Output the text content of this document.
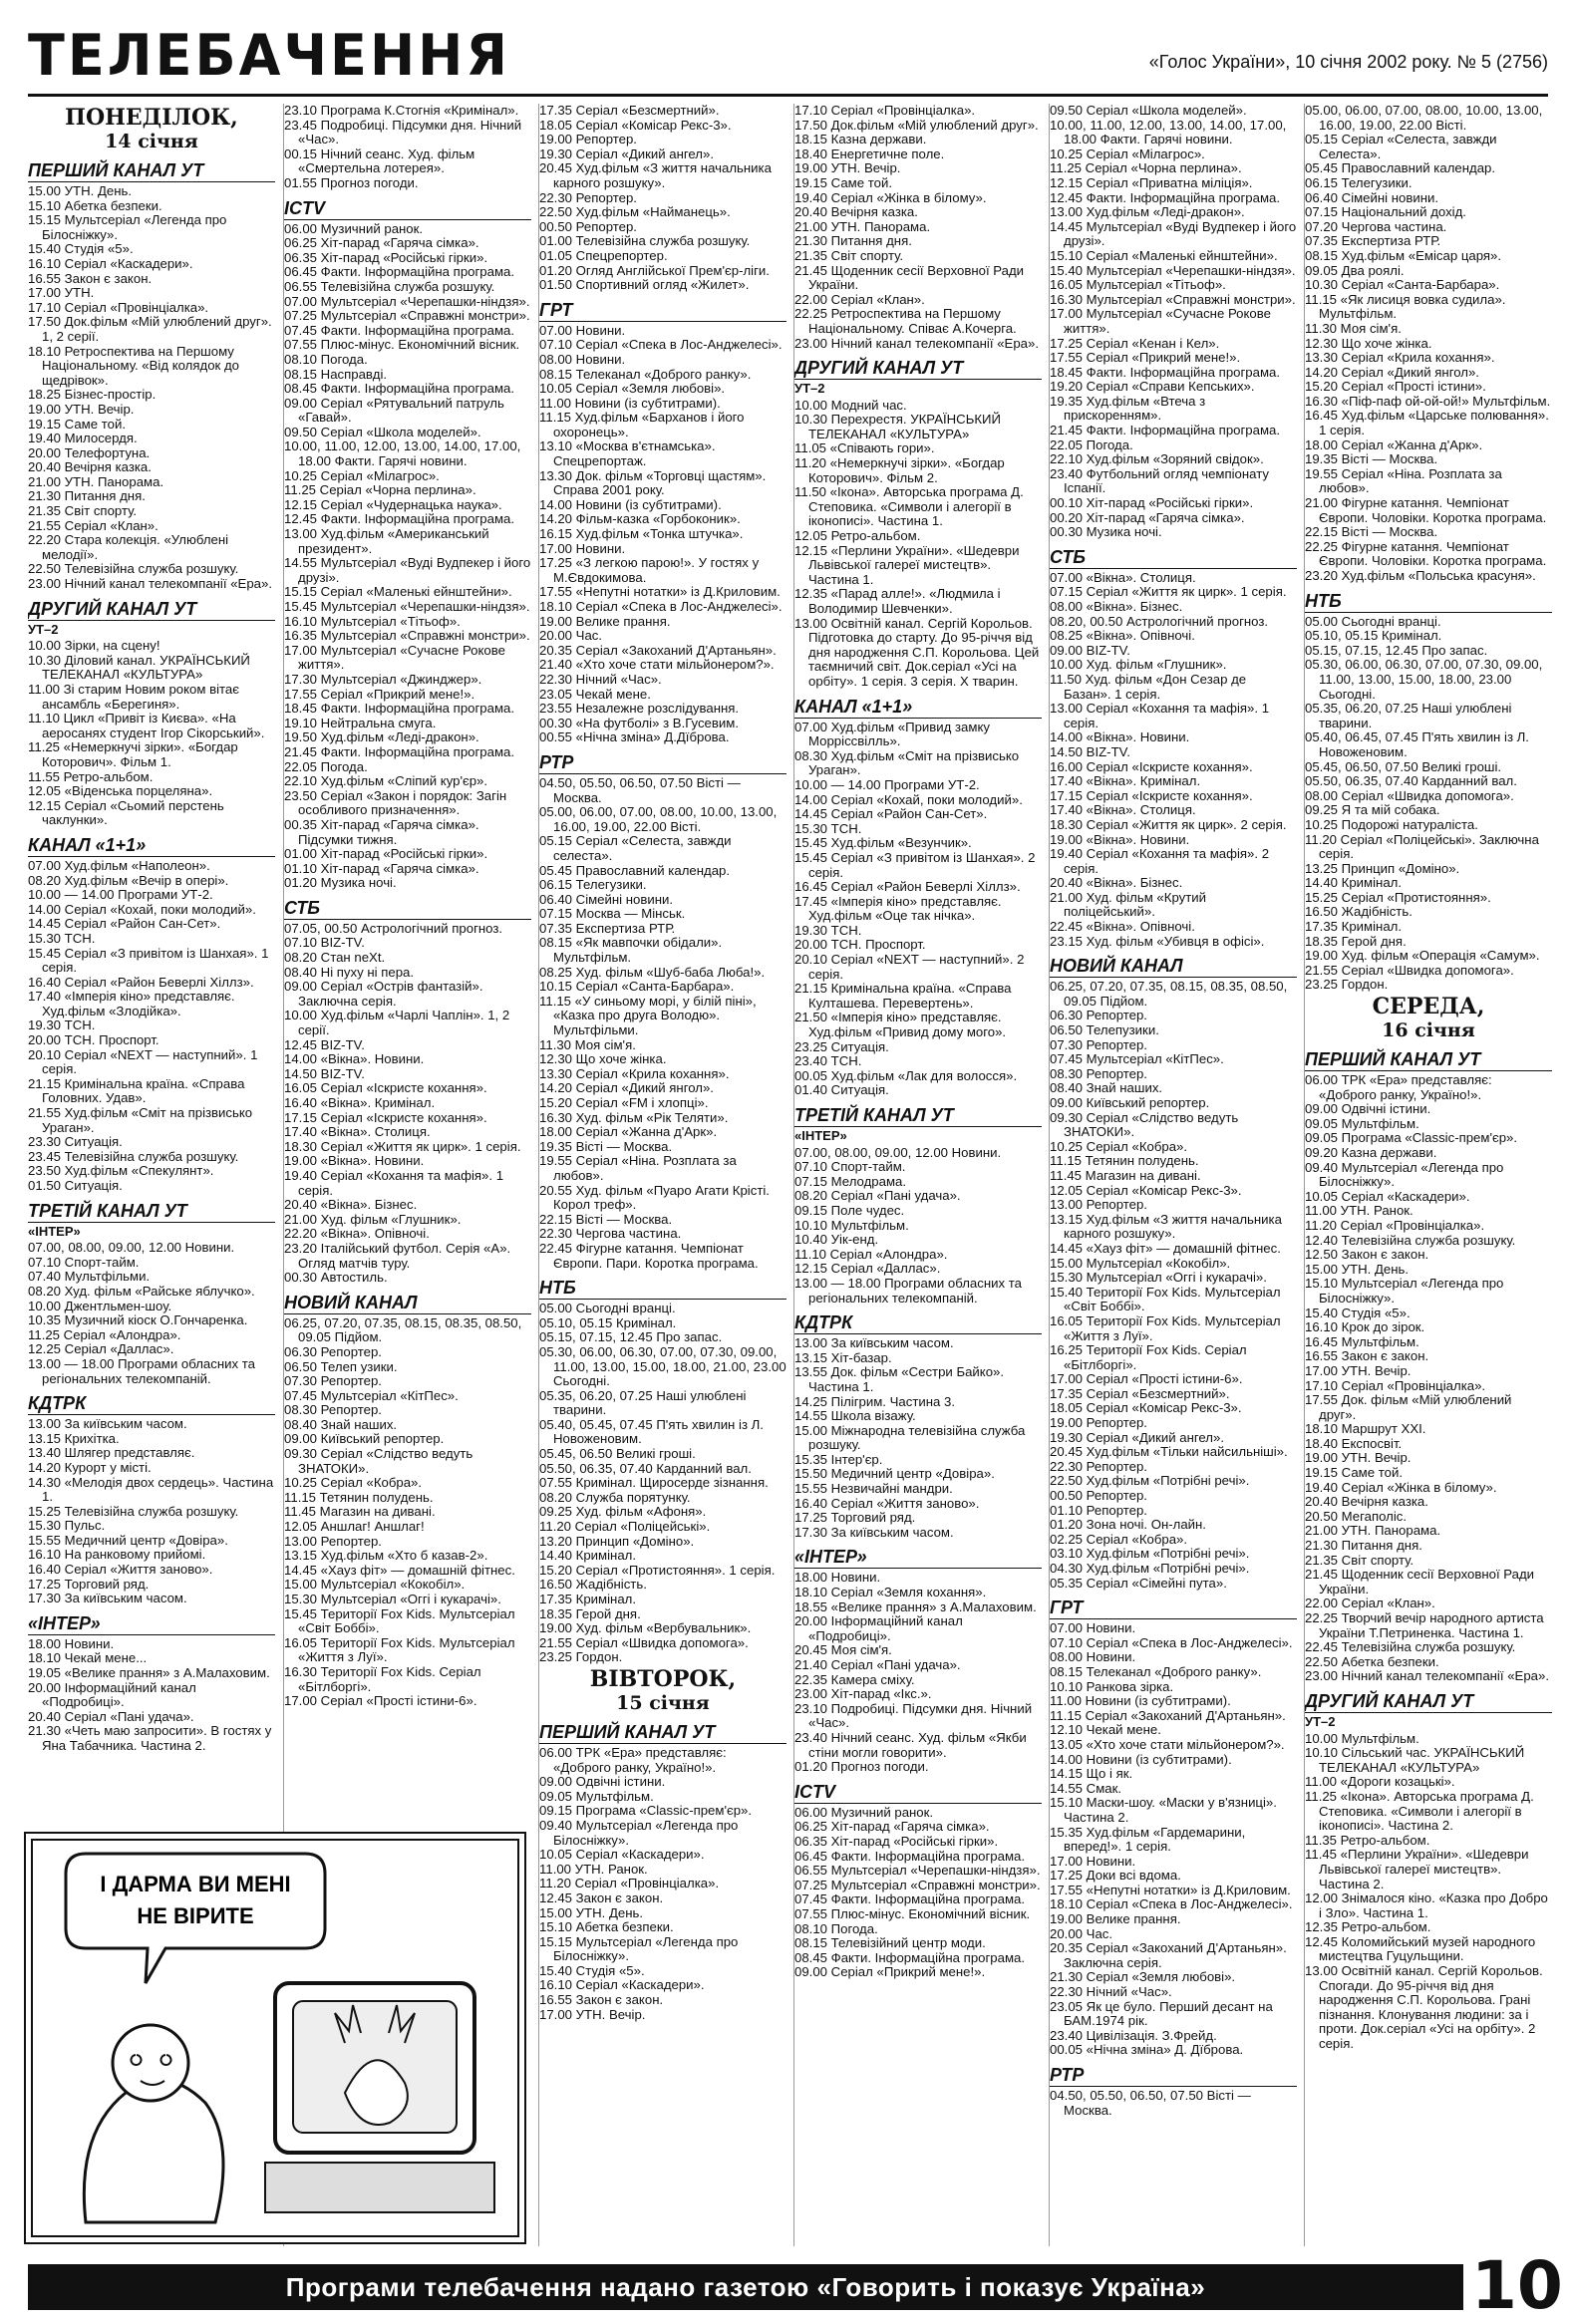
ТЕЛЕБАЧЕННЯ	«Голос України», 10 січня 2002 року. № 5 (2756)
ПОНЕДІЛОК,
14 січня
ПЕРШИЙ КАНАЛ УТ

15.00 УТН. День.

15.10 Абетка безпеки.

15.15 Мультсеріал «Легенда про Білосніжку».

15.40 Студія «5».

16.10 Серіал «Каскадери».

16.55 Закон є закон.

17.00 УТН.

17.10 Серіал «Провінціалка».

17.50 Док.фільм «Мій улюблений друг». 1, 2 серії.

18.10 Ретроспектива на Першому Національному. «Від колядок до щедрівок».

18.25 Бізнес-простір.

19.00 УТН. Вечір.

19.15 Саме той.

19.40 Милосердя.

20.00 Телефортуна.

20.40 Вечірня казка.

21.00 УТН. Панорама.

21.30 Питання дня.

21.35 Світ спорту.

21.55 Серіал «Клан».

22.20 Стара колекція. «Улюблені мелодії».

22.50 Телевізійна служба розшуку.

23.00 Нічний канал телекомпанії «Ера».

ДРУГИЙ КАНАЛ УТ
УТ–2

10.00 Зірки, на сцену!

10.30 Діловий канал. УКРАЇНСЬКИЙ ТЕЛЕКАНАЛ «КУЛЬТУРА»

11.00 Зі старим Новим роком вітає ансамбль «Берегиня».

11.10 Цикл «Привіт із Києва». «На аеросанях студент Ігор Сікорський».

11.25 «Немеркнучі зірки». «Богдар Которович». Фільм 1.

11.55 Ретро-альбом.

12.05 «Віденська порцеляна».

12.15 Серіал «Сьомий перстень чаклунки».

КАНАЛ «1+1»

07.00 Худ.фільм «Наполеон».

08.20 Худ.фільм «Вечір в опері».

10.00 — 14.00 Програми УТ-2.

14.00 Серіал «Кохай, поки молодий».

14.45 Серіал «Район Сан-Сет».

15.30 ТСН.

15.45 Серіал «З привітом із Шанхая». 1 серія.

16.40 Серіал «Район Беверлі Хіллз».

17.40 «Імперія кіно» представляє. Худ.фільм «Злодійка».

19.30 ТСН.

20.00 ТСН. Проспорт.

20.10 Серіал «NEXT — наступний». 1 серія.

21.15 Кримінальна країна. «Справа Головних. Удав».

21.55 Худ.фільм «Сміт на прізвисько Ураган».

23.30 Ситуація.

23.45 Телевізійна служба розшуку.

23.50 Худ.фільм «Спекулянт».

01.50 Ситуація.

ТРЕТІЙ КАНАЛ УТ
«ІНТЕР»

07.00, 08.00, 09.00, 12.00 Новини.

07.10 Спорт-тайм.

07.40 Мультфільми.

08.20 Худ. фільм «Райське яблучко».

10.00 Джентльмен-шоу.

10.35 Музичний кіоск О.Гончаренка.

11.25 Серіал «Алондра».

12.25 Серіал «Даллас».

13.00 — 18.00 Програми обласних та регіональних телекомпаній.

КДТРК

13.00 За київським часом.

13.15 Крихітка.

13.40 Шлягер представляє.

14.20 Курорт у місті.

14.30 «Мелодія двох сердець». Частина 1.

15.25 Телевізійна служба розшуку.

15.30 Пульс.

15.55 Медичний центр «Довіра».

16.10 На ранковому прийомі.

16.40 Серіал «Життя заново».

17.25 Торговий ряд.

17.30 За київським часом.

«ІНТЕР»

18.00 Новини.

18.10 Чекай мене...

19.05 «Велике прання» з А.Малаховим.

20.00 Інформаційний канал «Подробиці».

20.40 Серіал «Пані удача».

21.30 «Четь маю запросити». В гостях у Яна Табачника. Частина 2.

23.10 Програма К.Стогнія «Кримінал».

23.45 Подробиці. Підсумки дня. Нічний «Час».

00.15 Нічний сеанс. Худ. фільм «Смертельна лотерея».

01.55 Прогноз погоди.

ICTV

06.00 Музичний ранок.

06.25 Хіт-парад «Гаряча сімка».

06.35 Хіт-парад «Російські гірки».

06.45 Факти. Інформаційна програма.

06.55 Телевізійна служба розшуку.

07.00 Мультсеріал «Черепашки-ніндзя».

07.25 Мультсеріал «Справжні монстри».

07.45 Факти. Інформаційна програма.

07.55 Плюс-мінус. Економічний вісник.

08.10 Погода.

08.15 Насправді.

08.45 Факти. Інформаційна програма.

09.00 Серіал «Рятувальний патруль «Гавай».

09.50 Серіал «Школа моделей».

10.00, 11.00, 12.00, 13.00, 14.00, 17.00, 18.00 Факти. Гарячі новини.

10.25 Серіал «Мілагрос».

11.25 Серіал «Чорна перлина».

12.15 Серіал «Чудернацька наука».

12.45 Факти. Інформаційна програма.

13.00 Худ.фільм «Американський президент».

14.55 Мультсеріал «Вуді Вудпекер і його друзі».

15.15 Серіал «Маленькі ейнштейни».

15.45 Мультсеріал «Черепашки-ніндзя».

16.10 Мультсеріал «Тітьоф».

16.35 Мультсеріал «Справжні монстри».

17.00 Мультсеріал «Сучасне Рокове життя».

17.30 Мультсеріал «Джинджер».

17.55 Серіал «Прикрий мене!».

18.45 Факти. Інформаційна програма.

19.10 Нейтральна смуга.

19.50 Худ.фільм «Леді-дракон».

21.45 Факти. Інформаційна програма.

22.05 Погода.

22.10 Худ.фільм «Сліпий кур'єр».

23.50 Серіал «Закон і порядок: Загін особливого призначення».

00.35 Хіт-парад «Гаряча сімка». Підсумки тижня.

01.00 Хіт-парад «Російські гірки».

01.10 Хіт-парад «Гаряча сімка».

01.20 Музика ночі.

СТБ

07.05, 00.50 Астрологічний прогноз.

07.10 BIZ-TV.

08.20 Стан neXt.

08.40 Ні пуху ні пера.

09.00 Серіал «Острів фантазій». Заключна серія.

10.00 Худ.фільм «Чарлі Чаплін». 1, 2 серії.

12.45 BIZ-TV.

14.00 «Вікна». Новини.

14.50 BIZ-TV.

16.05 Серіал «Іскристе кохання».

16.40 «Вікна». Кримінал.

17.15 Серіал «Іскристе кохання».

17.40 «Вікна». Столиця.

18.30 Серіал «Життя як цирк». 1 серія.

19.00 «Вікна». Новини.

19.40 Серіал «Кохання та мафія». 1 серія.

20.40 «Вікна». Бізнес.

21.00 Худ. фільм «Глушник».

22.20 «Вікна». Опівночі.

23.20 Італійський футбол. Серія «А». Огляд матчів туру.

00.30 Автостиль.

НОВИЙ КАНАЛ

06.25, 07.20, 07.35, 08.15, 08.35, 08.50, 09.05 Підйом.

06.30 Репортер.

06.50 Телеп узики.

07.30 Репортер.

07.45 Мультсеріал «КітПес».

08.30 Репортер.

08.40 Знай наших.

09.00 Київський репортер.

09.30 Серіал «Слідство ведуть ЗНАТОКИ».

10.25 Серіал «Кобра».

11.15 Тетянин полудень.

11.45 Магазин на дивані.

12.05 Аншлаг! Аншлаг!

13.00 Репортер.

13.15 Худ.фільм «Хто б казав-2».

14.45 «Хауз фіт» — домашній фітнес.

15.00 Мультсеріал «Кокобіл».

15.30 Мультсеріал «Оггі і кукарачі».

15.45 Території Fox Kids. Мультсеріал «Світ Боббі».

16.05 Території Fox Kids. Мультсеріал «Життя з Луї».

16.30 Території Fox Kids. Серіал «Бітлборгі».

17.00 Серіал «Прості істини-6».

17.35 Серіал «Безсмертний».

18.05 Серіал «Комісар Рекс-3».

19.00 Репортер.

19.30 Серіал «Дикий ангел».

20.45 Худ.фільм «З життя начальника карного розшуку».

22.30 Репортер.

22.50 Худ.фільм «Найманець».

00.50 Репортер.

01.00 Телевізійна служба розшуку.

01.05 Спецрепортер.

01.20 Огляд Англійської Прем'єр-ліги.

01.50 Спортивний огляд «Жилет».

ГРТ

07.00 Новини.

07.10 Серіал «Спека в Лос-Анджелесі».

08.00 Новини.

08.15 Телеканал «Доброго ранку».

10.05 Серіал «Земля любові».

11.00 Новини (із субтитрами).

11.15 Худ.фільм «Барханов і його охоронець».

13.10 «Москва в'єтнамська». Спецрепортаж.

13.30 Док. фільм «Торговці щастям». Справа 2001 року.

14.00 Новини (із субтитрами).

14.20 Фільм-казка «Горбоконик».

16.15 Худ.фільм «Тонка штучка».

17.00 Новини.

17.25 «З легкою парою!». У гостях у М.Євдокимова.

17.55 «Непутні нотатки» із Д.Криловим.

18.10 Серіал «Спека в Лос-Анджелесі».

19.00 Велике прання.

20.00 Час.

20.35 Серіал «Закоханий Д'Артаньян».

21.40 «Хто хоче стати мільйонером?».

22.30 Нічний «Час».

23.05 Чекай мене.

23.55 Незалежне розслідування.

00.30 «На футболі» з В.Гусевим.

00.55 «Нічна зміна» Д.Дїброва.

РТР

04.50, 05.50, 06.50, 07.50 Вісті — Москва.

05.00, 06.00, 07.00, 08.00, 10.00, 13.00, 16.00, 19.00, 22.00 Вісті.

05.15 Серіал «Селеста, завжди селеста».

05.45 Православний календар.

06.15 Телегузики.

06.40 Сімейні новини.

07.15 Москва — Мінськ.

07.35 Експертиза РТР.

08.15 «Як мавпочки обідали». Мультфільм.

08.25 Худ. фільм «Шуб-баба Люба!».

10.15 Серіал «Санта-Барбара».

11.15 «У синьому морі, у білій піні», «Казка про друга Володю». Мультфільми.

11.30 Моя сім'я.

12.30 Що хоче жінка.

13.30 Серіал «Крила кохання».

14.20 Серіал «Дикий янгол».

15.20 Серіал «FM і хлопці».

16.30 Худ. фільм «Рік Теляти».

18.00 Серіал «Жанна д'Арк».

19.35 Вісті — Москва.

19.55 Серіал «Ніна. Розплата за любов».

20.55 Худ. фільм «Пуаро Агати Крісті. Корол треф».

22.15 Вісті — Москва.

22.30 Чергова частина.

22.45 Фігурне катання. Чемпіонат Європи. Пари. Коротка програма.

НТБ

05.00 Сьогодні вранці.

05.10, 05.15 Кримінал.

05.15, 07.15, 12.45 Про запас.

05.30, 06.00, 06.30, 07.00, 07.30, 09.00, 11.00, 13.00, 15.00, 18.00, 21.00, 23.00 Сьогодні.

05.35, 06.20, 07.25 Наші улюблені тварини.

05.40, 05.45, 07.45 П'ять хвилин із Л. Новоженовим.

05.45, 06.50 Великі гроші.

05.50, 06.35, 07.40 Карданний вал.

07.55 Кримінал. Щиросерде зізнання.

08.20 Служба порятунку.

09.25 Худ. фільм «Афоня».

11.20 Серіал «Поліцейські».

13.20 Принцип «Доміно».

14.40 Кримінал.

15.20 Серіал «Протистояння». 1 серія.

16.50 Жадібність.

17.35 Кримінал.

18.35 Герой дня.

19.00 Худ. фільм «Вербувальник».

21.55 Серіал «Швидка допомога».

23.25 Гордон.

ВІВТОРОК,
15 січня
ПЕРШИЙ КАНАЛ УТ

06.00 ТРК «Ера» представляє: «Доброго ранку, Україно!».

09.00 Одвічні істини.

09.05 Мультфільм.

09.15 Програма «Classic-прем'єр».

09.40 Мультсеріал «Легенда про Білосніжку».

10.05 Серіал «Каскадери».

11.00 УТН. Ранок.

11.20 Серіал «Провінціалка».

12.45 Закон є закон.

15.00 УТН. День.

15.10 Абетка безпеки.

15.15 Мультсеріал «Легенда про Білосніжку».

15.40 Студія «5».

16.10 Серіал «Каскадери».

16.55 Закон є закон.

17.00 УТН. Вечір.

17.10 Серіал «Провінціалка».

17.50 Док.фільм «Мій улюблений друг».

18.15 Казна держави.

18.40 Енергетичне поле.

19.00 УТН. Вечір.

19.15 Саме той.

19.40 Серіал «Жінка в білому».

20.40 Вечірня казка.

21.00 УТН. Панорама.

21.30 Питання дня.

21.35 Світ спорту.

21.45 Щоденник сесії Верховної Ради України.

22.00 Серіал «Клан».

22.25 Ретроспектива на Першому Національному. Співає А.Кочерга.

23.00 Нічний канал телекомпанії «Ера».

ДРУГИЙ КАНАЛ УТ
УТ–2

10.00 Модний час.

10.30 Перехрестя. УКРАЇНСЬКИЙ ТЕЛЕКАНАЛ «КУЛЬТУРА»

11.05 «Співають гори».

11.20 «Немеркнучі зірки». «Богдар Которович». Фільм 2.

11.50 «Ікона». Авторська програма Д. Степовика. «Символи і алегорії в іконописі». Частина 1.

12.05 Ретро-альбом.

12.15 «Перлини України». «Шедеври Львівської галереї мистецтв». Частина 1.

12.35 «Парад алле!». «Людмила і Володимир Шевченки».

13.00 Освітній канал. Сергій Корольов. Підготовка до старту. До 95-річчя від дня народження С.П. Корольова. Цей таємничий світ. Док.серіал «Усі на орбіту». 1 серія. 3 серія. Х тварин.

КАНАЛ «1+1»

07.00 Худ.фільм «Привид замку Морріссвілль».

08.30 Худ.фільм «Сміт на прізвисько Ураган».

10.00 — 14.00 Програми УТ-2.

14.00 Серіал «Кохай, поки молодий».

14.45 Серіал «Район Сан-Сет».

15.30 ТСН.

15.45 Худ.фільм «Везунчик».

15.45 Серіал «З привітом із Шанхая». 2 серія.

16.45 Серіал «Район Беверлі Хіллз».

17.45 «Імперія кіно» представляє. Худ.фільм «Оце так нічка».

19.30 ТСН.

20.00 ТСН. Проспорт.

20.10 Серіал «NEXT — наступний». 2 серія.

21.15 Кримінальна країна. «Справа Култашева. Перевертень».

21.50 «Імперія кіно» представляє. Худ.фільм «Привид дому мого».

23.25 Ситуація.

23.40 ТСН.

00.05 Худ.фільм «Лак для волосся».

01.40 Ситуація.

ТРЕТІЙ КАНАЛ УТ
«ІНТЕР»

07.00, 08.00, 09.00, 12.00 Новини.

07.10 Спорт-тайм.

07.15 Мелодрама.

08.20 Серіал «Пані удача».

09.15 Поле чудес.

10.10 Мультфільм.

10.40 Уік-енд.

11.10 Серіал «Алондра».

12.15 Серіал «Даллас».

13.00 — 18.00 Програми обласних та регіональних телекомпаній.

КДТРК

13.00 За київським часом.

13.15 Хіт-базар.

13.55 Док. фільм «Сестри Байко». Частина 1.

14.25 Пілігрим. Частина 3.

14.55 Школа візажу.

15.00 Міжнародна телевізійна служба розшуку.

15.35 Інтер'єр.

15.50 Медичний центр «Довіра».

15.55 Незвичайні мандри.

16.40 Серіал «Життя заново».

17.25 Торговий ряд.

17.30 За київським часом.

«ІНТЕР»

18.00 Новини.

18.10 Серіал «Земля кохання».

18.55 «Велике прання» з А.Малаховим.

20.00 Інформаційний канал «Подробиці».

20.45 Моя сім'я.

21.40 Серіал «Пані удача».

22.35 Камера сміху.

23.00 Хіт-парад «Ікс.».

23.10 Подробиці. Підсумки дня. Нічний «Час».

23.40 Нічний сеанс. Худ. фільм «Якби стіни могли говорити».

01.20 Прогноз погоди.

ICTV

06.00 Музичний ранок.

06.25 Хіт-парад «Гаряча сімка».

06.35 Хіт-парад «Російські гірки».

06.45 Факти. Інформаційна програма.

06.55 Мультсеріал «Черепашки-ніндзя».

07.25 Мультсеріал «Справжні монстри».

07.45 Факти. Інформаційна програма.

07.55 Плюс-мінус. Економічний вісник.

08.10 Погода.

08.15 Телевізійний центр моди.

08.45 Факти. Інформаційна програма.

09.00 Серіал «Прикрий мене!».

09.50 Серіал «Школа моделей».

10.00, 11.00, 12.00, 13.00, 14.00, 17.00, 18.00 Факти. Гарячі новини.

10.25 Серіал «Мілагрос».

11.25 Серіал «Чорна перлина».

12.15 Серіал «Приватна міліція».

12.45 Факти. Інформаційна програма.

13.00 Худ.фільм «Леді-дракон».

14.45 Мультсеріал «Вуді Вудпекер і його друзі».

15.10 Серіал «Маленькі ейнштейни».

15.40 Мультсеріал «Черепашки-ніндзя».

16.05 Мультсеріал «Тітьоф».

16.30 Мультсеріал «Справжні монстри».

17.00 Мультсеріал «Сучасне Рокове життя».

17.25 Серіал «Кенан і Кел».

17.55 Серіал «Прикрий мене!».

18.45 Факти. Інформаційна програма.

19.20 Серіал «Справи Кепських».

19.35 Худ.фільм «Втеча з прискоренням».

21.45 Факти. Інформаційна програма.

22.05 Погода.

22.10 Худ.фільм «Зоряний свідок».

23.40 Футбольний огляд чемпіонату Іспанії.

00.10 Хіт-парад «Російські гірки».

00.20 Хіт-парад «Гаряча сімка».

00.30 Музика ночі.

СТБ

07.00 «Вікна». Столиця.

07.15 Серіал «Життя як цирк». 1 серія.

08.00 «Вікна». Бізнес.

08.20, 00.50 Астрологічний прогноз.

08.25 «Вікна». Опівночі.

09.00 BIZ-TV.

10.00 Худ. фільм «Глушник».

11.50 Худ. фільм «Дон Сезар де Базан». 1 серія.

13.00 Серіал «Кохання та мафія». 1 серія.

14.00 «Вікна». Новини.

14.50 BIZ-TV.

16.00 Серіал «Іскристе кохання».

17.40 «Вікна». Кримінал.

17.15 Серіал «Іскристе кохання».

17.40 «Вікна». Столиця.

18.30 Серіал «Життя як цирк». 2 серія.

19.00 «Вікна». Новини.

19.40 Серіал «Кохання та мафія». 2 серія.

20.40 «Вікна». Бізнес.

21.00 Худ. фільм «Крутий поліцейський».

22.45 «Вікна». Опівночі.

23.15 Худ. фільм «Убивця в офісі».

НОВИЙ КАНАЛ

06.25, 07.20, 07.35, 08.15, 08.35, 08.50, 09.05 Підйом.

06.30 Репортер.

06.50 Телепузики.

07.30 Репортер.

07.45 Мультсеріал «КітПес».

08.30 Репортер.

08.40 Знай наших.

09.00 Київський репортер.

09.30 Серіал «Слідство ведуть ЗНАТОКИ».

10.25 Серіал «Кобра».

11.15 Тетянин полудень.

11.45 Магазин на дивані.

12.05 Серіал «Комісар Рекс-3».

13.00 Репортер.

13.15 Худ.фільм «З життя начальника карного розшуку».

14.45 «Хауз фіт» — домашній фітнес.

15.00 Мультсеріал «Кокобіл».

15.30 Мультсеріал «Оггі і кукарачі».

15.40 Території Fox Kids. Мультсеріал «Світ Боббі».

16.05 Території Fox Kids. Мультсеріал «Життя з Луї».

16.25 Території Fox Kids. Серіал «Бітлборгі».

17.00 Серіал «Прості істини-6».

17.35 Серіал «Безсмертний».

18.05 Серіал «Комісар Рекс-3».

19.00 Репортер.

19.30 Серіал «Дикий ангел».

20.45 Худ.фільм «Тільки найсильніші».

22.30 Репортер.

22.50 Худ.фільм «Потрібні речі».

00.50 Репортер.

01.10 Репортер.

01.20 Зона ночі. Он-лайн.

02.25 Серіал «Кобра».

03.10 Худ.фільм «Потрібні речі».

04.30 Худ.фільм «Потрібні речі».

05.35 Серіал «Сімейні пута».

ГРТ

07.00 Новини.

07.10 Серіал «Спека в Лос-Анджелесі».

08.00 Новини.

08.15 Телеканал «Доброго ранку».

10.10 Ранкова зірка.

11.00 Новини (із субтитрами).

11.15 Серіал «Закоханий Д'Артаньян».

12.10 Чекай мене.

13.05 «Хто хоче стати мільйонером?».

14.00 Новини (із субтитрами).

14.15 Що і як.

14.55 Смак.

15.10 Маски-шоу. «Маски у в'язниці». Частина 2.

15.35 Худ.фільм «Гардемарини, вперед!». 1 серія.

17.00 Новини.

17.25 Доки всі вдома.

17.55 «Непутні нотатки» із Д.Криловим.

18.10 Серіал «Спека в Лос-Анджелесі».

19.00 Велике прання.

20.00 Час.

20.35 Серіал «Закоханий Д'Артаньян». Заключна серія.

21.30 Серіал «Земля любові».

22.30 Нічний «Час».

23.05 Як це було. Перший десант на БАМ.1974 рік.

23.40 Цивілізація. З.Фрейд.

00.05 «Нічна зміна» Д. Дїброва.

РТР

04.50, 05.50, 06.50, 07.50 Вісті — Москва.

05.00, 06.00, 07.00, 08.00, 10.00, 13.00, 16.00, 19.00, 22.00 Вісті.

05.15 Серіал «Селеста, завжди Селеста».

05.45 Православний календар.

06.15 Телегузики.

06.40 Сімейні новини.

07.15 Національний дохід.

07.20 Чергова частина.

07.35 Експертиза РТР.

08.15 Худ.фільм «Емісар царя».

09.05 Два роялі.

10.30 Серіал «Санта-Барбара».

11.15 «Як лисиця вовка судила». Мультфільм.

11.30 Моя сім'я.

12.30 Що хоче жінка.

13.30 Серіал «Крила кохання».

14.20 Серіал «Дикий янгол».

15.20 Серіал «Прості істини».

16.30 «Піф-паф ой-ой-ой!» Мультфільм.

16.45 Худ.фільм «Царське полювання». 1 серія.

18.00 Серіал «Жанна д'Арк».

19.35 Вісті — Москва.

19.55 Серіал «Ніна. Розплата за любов».

21.00 Фігурне катання. Чемпіонат Європи. Чоловіки. Коротка програма.

22.15 Вісті — Москва.

22.25 Фігурне катання. Чемпіонат Європи. Чоловіки. Коротка програма.

23.20 Худ.фільм «Польська красуня».

НТБ

05.00 Сьогодні вранці.

05.10, 05.15 Кримінал.

05.15, 07.15, 12.45 Про запас.

05.30, 06.00, 06.30, 07.00, 07.30, 09.00, 11.00, 13.00, 15.00, 18.00, 23.00 Сьогодні.

05.35, 06.20, 07.25 Наші улюблені тварини.

05.40, 06.45, 07.45 П'ять хвилин із Л. Новоженовим.

05.45, 06.50, 07.50 Великі гроші.

05.50, 06.35, 07.40 Карданний вал.

08.00 Серіал «Швидка допомога».

09.25 Я та мій собака.

10.25 Подорожі натураліста.

11.20 Серіал «Поліцейські». Заключна серія.

13.25 Принцип «Доміно».

14.40 Кримінал.

15.25 Серіал «Протистояння».

16.50 Жадібність.

17.35 Кримінал.

18.35 Герой дня.

19.00 Худ. фільм «Операція «Самум».

21.55 Серіал «Швидка допомога».

23.25 Гордон.

СЕРЕДА,
16 січня
ПЕРШИЙ КАНАЛ УТ

06.00 ТРК «Ера» представляє: «Доброго ранку, Україно!».

09.00 Одвічні істини.

09.05 Мультфільм.

09.05 Програма «Classic-прем'єр».

09.20 Казна держави.

09.40 Мультсеріал «Легенда про Білосніжку».

10.05 Серіал «Каскадери».

11.00 УТН. Ранок.

11.20 Серіал «Провінціалка».

12.40 Телевізійна служба розшуку.

12.50 Закон є закон.

15.00 УТН. День.

15.10 Мультсеріал «Легенда про Білосніжку».

15.40 Студія «5».

16.10 Крок до зірок.

16.45 Мультфільм.

16.55 Закон є закон.

17.00 УТН. Вечір.

17.10 Серіал «Провінціалка».

17.55 Док. фільм «Мій улюблений друг».

18.10 Маршрут XXI.

18.40 Експосвіт.

19.00 УТН. Вечір.

19.15 Саме той.

19.40 Серіал «Жінка в білому».

20.40 Вечірня казка.

20.50 Мегаполіс.

21.00 УТН. Панорама.

21.30 Питання дня.

21.35 Світ спорту.

21.45 Щоденник сесії Верховної Ради України.

22.00 Серіал «Клан».

22.25 Творчий вечір народного артиста України Т.Петриненка. Частина 1.

22.45 Телевізійна служба розшуку.

22.50 Абетка безпеки.

23.00 Нічний канал телекомпанії «Ера».

ДРУГИЙ КАНАЛ УТ
УТ–2

10.00 Мультфільм.

10.10 Сільський час. УКРАЇНСЬКИЙ ТЕЛЕКАНАЛ «КУЛЬТУРА»

11.00 «Дороги козацькі».

11.25 «Ікона». Авторська програма Д. Степовика. «Символи і алегорії в іконописі». Частина 2.

11.35 Ретро-альбом.

11.45 «Перлини України». «Шедеври Львівської галереї мистецтв». Частина 2.

12.00 Знімалося кіно. «Казка про Добро і Зло». Частина 1.

12.35 Ретро-альбом.

12.45 Коломийський музей народного мистецтва Гуцульщини.

13.00 Освітній канал. Сергій Корольов. Спогади. До 95-річчя від дня народження С.П. Корольова. Грані пізнання. Клонування людини: за і проти. Док.серіал «Усі на орбіту». 2 серія.

І ДАРМА ВИ МЕНІ
НЕ ВІРИТЕ
Програми телебачення надано газетою «Говорить і показує Україна»	10
